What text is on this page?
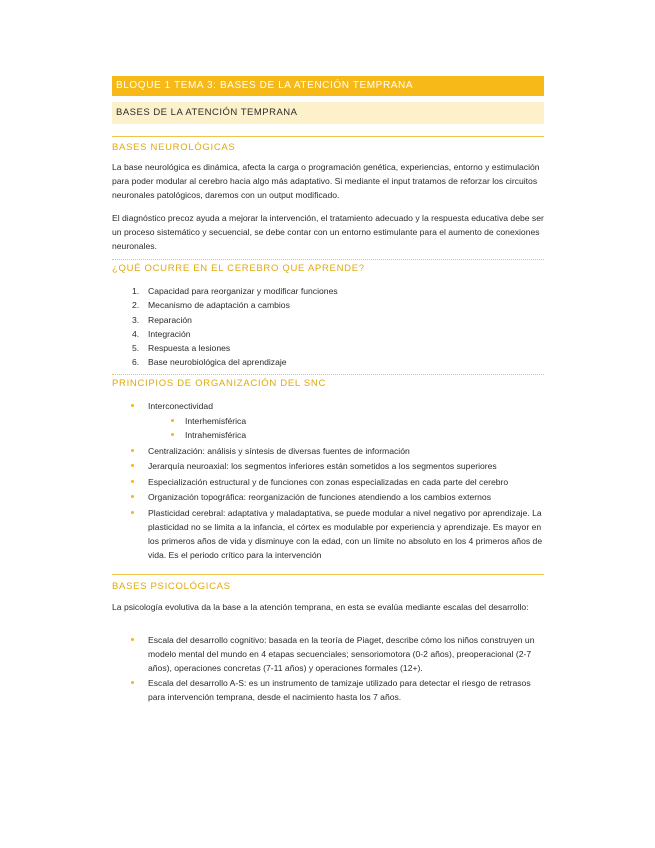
BLOQUE 1 TEMA 3: BASES DE LA ATENCIÓN TEMPRANA
BASES DE LA ATENCIÓN TEMPRANA
BASES NEUROLÓGICAS

La base neurológica es dinámica, afecta la carga o programación genética, experiencias, entorno y estimulación para poder modular al cerebro hacia algo más adaptativo. Si mediante el input tratamos de reforzar los circuitos neuronales patológicos, daremos con un output modificado.

El diagnóstico precoz ayuda a mejorar la intervención, el tratamiento adecuado y la respuesta educativa debe ser un proceso sistemático y secuencial, se debe contar con un entorno estimulante para el aumento de conexiones neuronales.

¿QUÉ OCURRE EN EL CEREBRO QUE APRENDE?
1. Capacidad para reorganizar y modificar funciones
2. Mecanismo de adaptación a cambios
3. Reparación
4. Integración
5. Respuesta a lesiones
6. Base neurobiológica del aprendizaje
PRINCIPIOS DE ORGANIZACIÓN DEL SNC
Interconectividad
Interhemisférica
Intrahemisférica
Centralización: análisis y síntesis de diversas fuentes de información
Jerarquía neuroaxial: los segmentos inferiores están sometidos a los segmentos superiores
Especialización estructural y de funciones con zonas especializadas en cada parte del cerebro
Organización topográfica: reorganización de funciones atendiendo a los cambios externos
Plasticidad cerebral: adaptativa y maladaptativa, se puede modular a nivel negativo por aprendizaje. La plasticidad no se limita a la infancia, el córtex es modulable por experiencia y aprendizaje. Es mayor en los primeros años de vida y disminuye con la edad, con un límite no absoluto en los 4 primeros años de vida. Es el periodo crítico para la intervención
BASES PSICOLÓGICAS

La psicología evolutiva da la base a la atención temprana, en esta se evalúa mediante escalas del desarrollo:

Escala del desarrollo cognitivo: basada en la teoría de Piaget, describe cómo los niños construyen un modelo mental del mundo en 4 etapas secuenciales; sensoriomotora (0-2 años), preoperacional (2-7 años), operaciones concretas (7-11 años) y operaciones formales (12+).
Escala del desarrollo A-S: es un instrumento de tamizaje utilizado para detectar el riesgo de retrasos para intervención temprana, desde el nacimiento hasta los 7 años.
